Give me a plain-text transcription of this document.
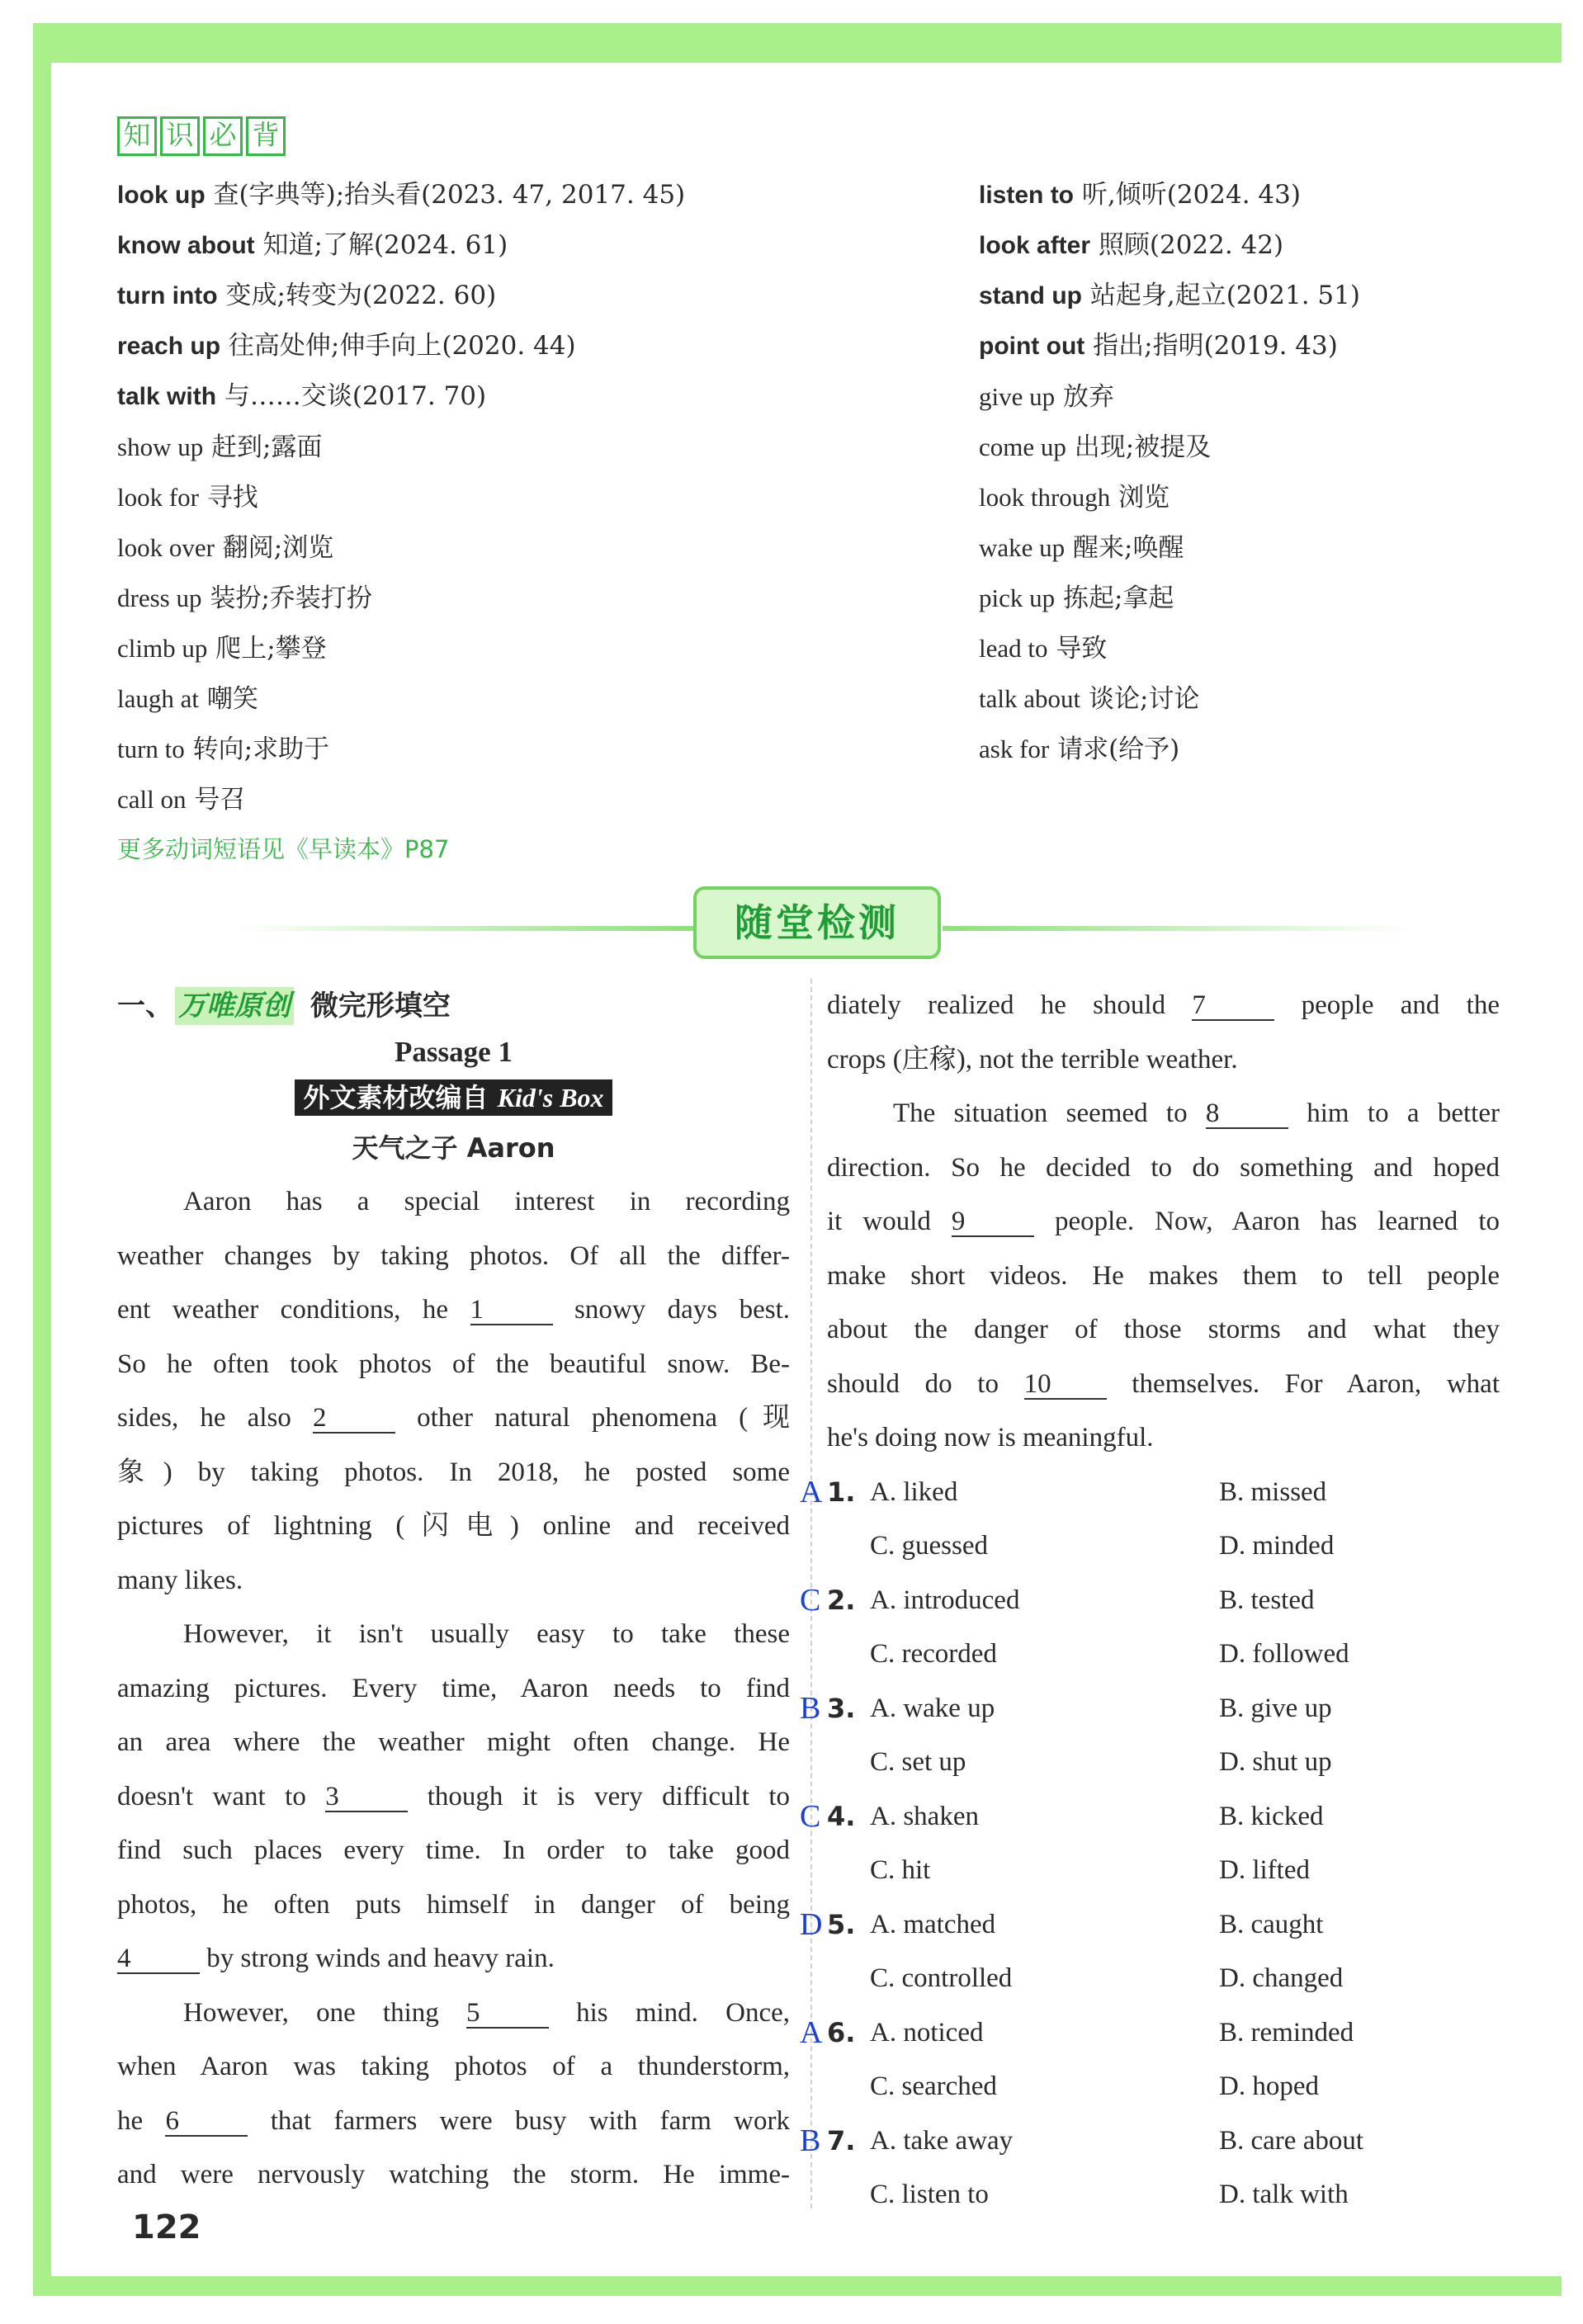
知 识 必 背
look up 查(字典等);抬头看(2023. 47, 2017. 45)
know about 知道;了解(2024. 61)
turn into 变成;转变为(2022. 60)
reach up 往高处伸;伸手向上(2020. 44)
talk with 与……交谈(2017. 70)
show up 赶到;露面
look for 寻找
look over 翻阅;浏览
dress up 装扮;乔装打扮
climb up 爬上;攀登
laugh at 嘲笑
turn to 转向;求助于
call on 号召
listen to 听,倾听(2024. 43)
look after 照顾(2022. 42)
stand up 站起身,起立(2021. 51)
point out 指出;指明(2019. 43)
give up 放弃
come up 出现;被提及
look through 浏览
wake up 醒来;唤醒
pick up 拣起;拿起
lead to 导致
talk about 谈论;讨论
ask for 请求(给予)
更多动词短语见《早读本》P87
随堂检测
一、 万唯原创 微完形填空
Passage 1
外文素材改编自 Kid's Box
天气之子 Aaron
Aaron has a special interest in recording
weather changes by taking photos. Of all the differ-
ent weather conditions, he 1	snowy days best.
So he often took photos of the beautiful snow. Be-
sides, he also 2	other natural phenomena (现
象) by taking photos. In 2018, he posted some
pictures of lightning (闪电) online and received
many likes.
However, it isn't usually easy to take these
amazing pictures. Every time, Aaron needs to find
an area where the weather might often change. He
doesn't want to 3	though it is very difficult to
find such places every time. In order to take good
photos, he often puts himself in danger of being
4	by strong winds and heavy rain.
However, one thing 5	his mind. Once,
when Aaron was taking photos of a thunderstorm,
he 6	that farmers were busy with farm work
and were nervously watching the storm. He imme-
diately realized he should 7	people and the
crops (庄稼), not the terrible weather.
The situation seemed to 8	him to a better
direction. So he decided to do something and hoped
it would 9	people. Now, Aaron has learned to
make short videos. He makes them to tell people
about the danger of those storms and what they
should do to 10 themselves. For Aaron, what
he's doing now is meaningful.
A 1. A. liked	B. missed
C. guessed	D. minded
C 2. A. introduced	B. tested
C. recorded	D. followed
B 3. A. wake up	B. give up
C. set up	D. shut up
C 4. A. shaken	B. kicked
C. hit	D. lifted
D 5. A. matched	B. caught
C. controlled	D. changed
A 6. A. noticed	B. reminded
C. searched	D. hoped
B 7. A. take away	B. care about
C. listen to	D. talk with
122
